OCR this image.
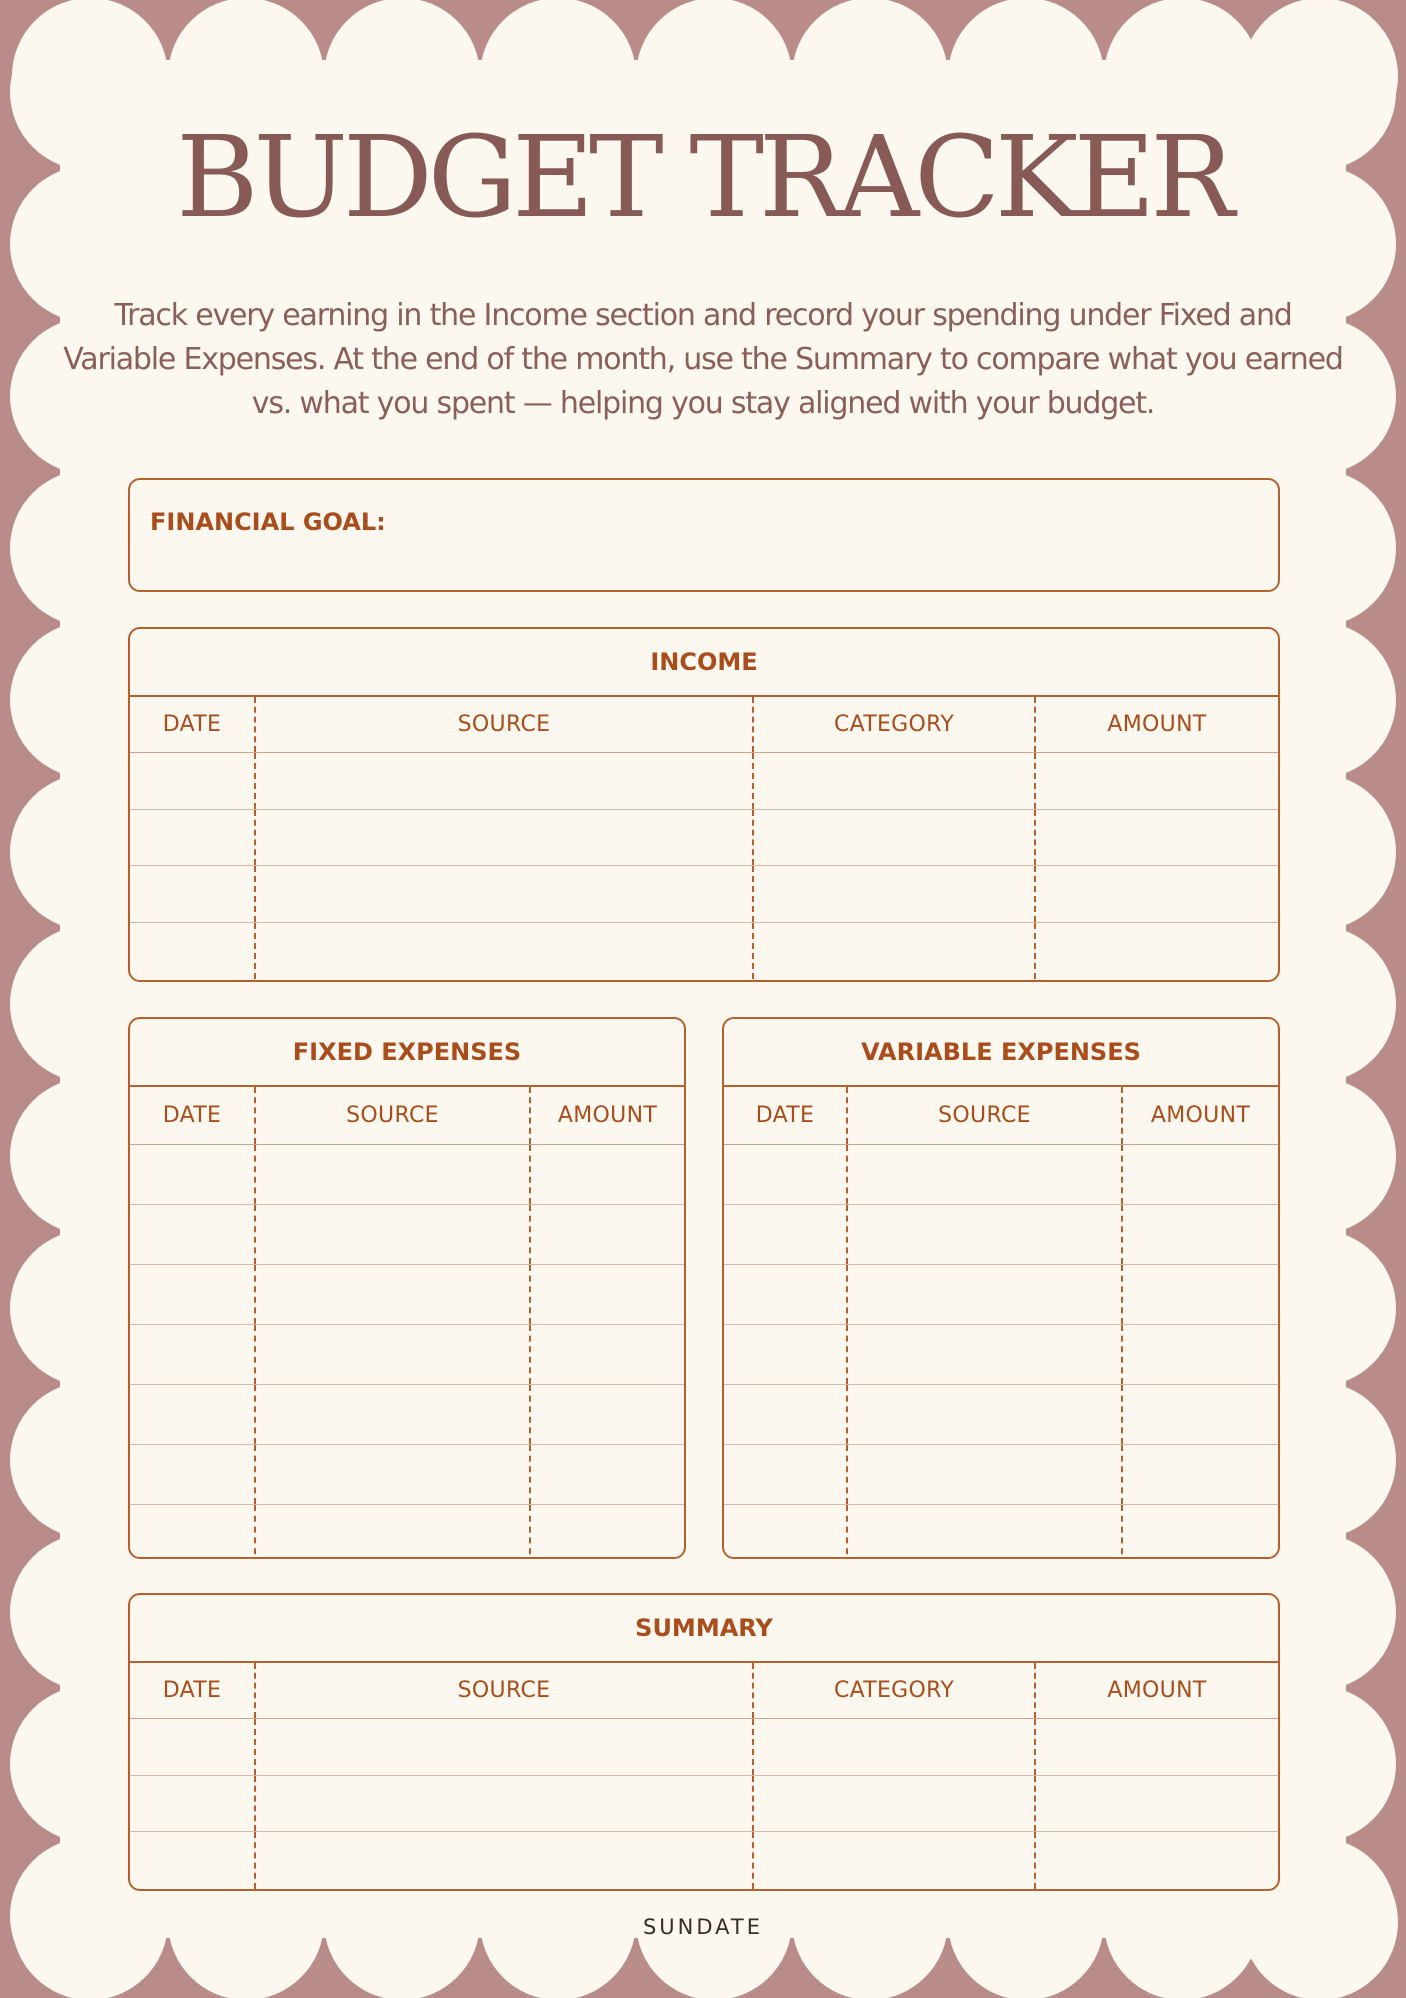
BUDGET TRACKER

Track every earning in the Income section and record your spending under Fixed and
Variable Expenses. At the end of the month, use the Summary to compare what you earned
vs. what you spent — helping you stay aligned with your budget.

FINANCIAL GOAL:
INCOME
DATE	SOURCE	CATEGORY	AMOUNT
FIXED EXPENSES
DATE	SOURCE	AMOUNT
VARIABLE EXPENSES
DATE	SOURCE	AMOUNT
SUMMARY
DATE	SOURCE	CATEGORY	AMOUNT
SUNDATE
